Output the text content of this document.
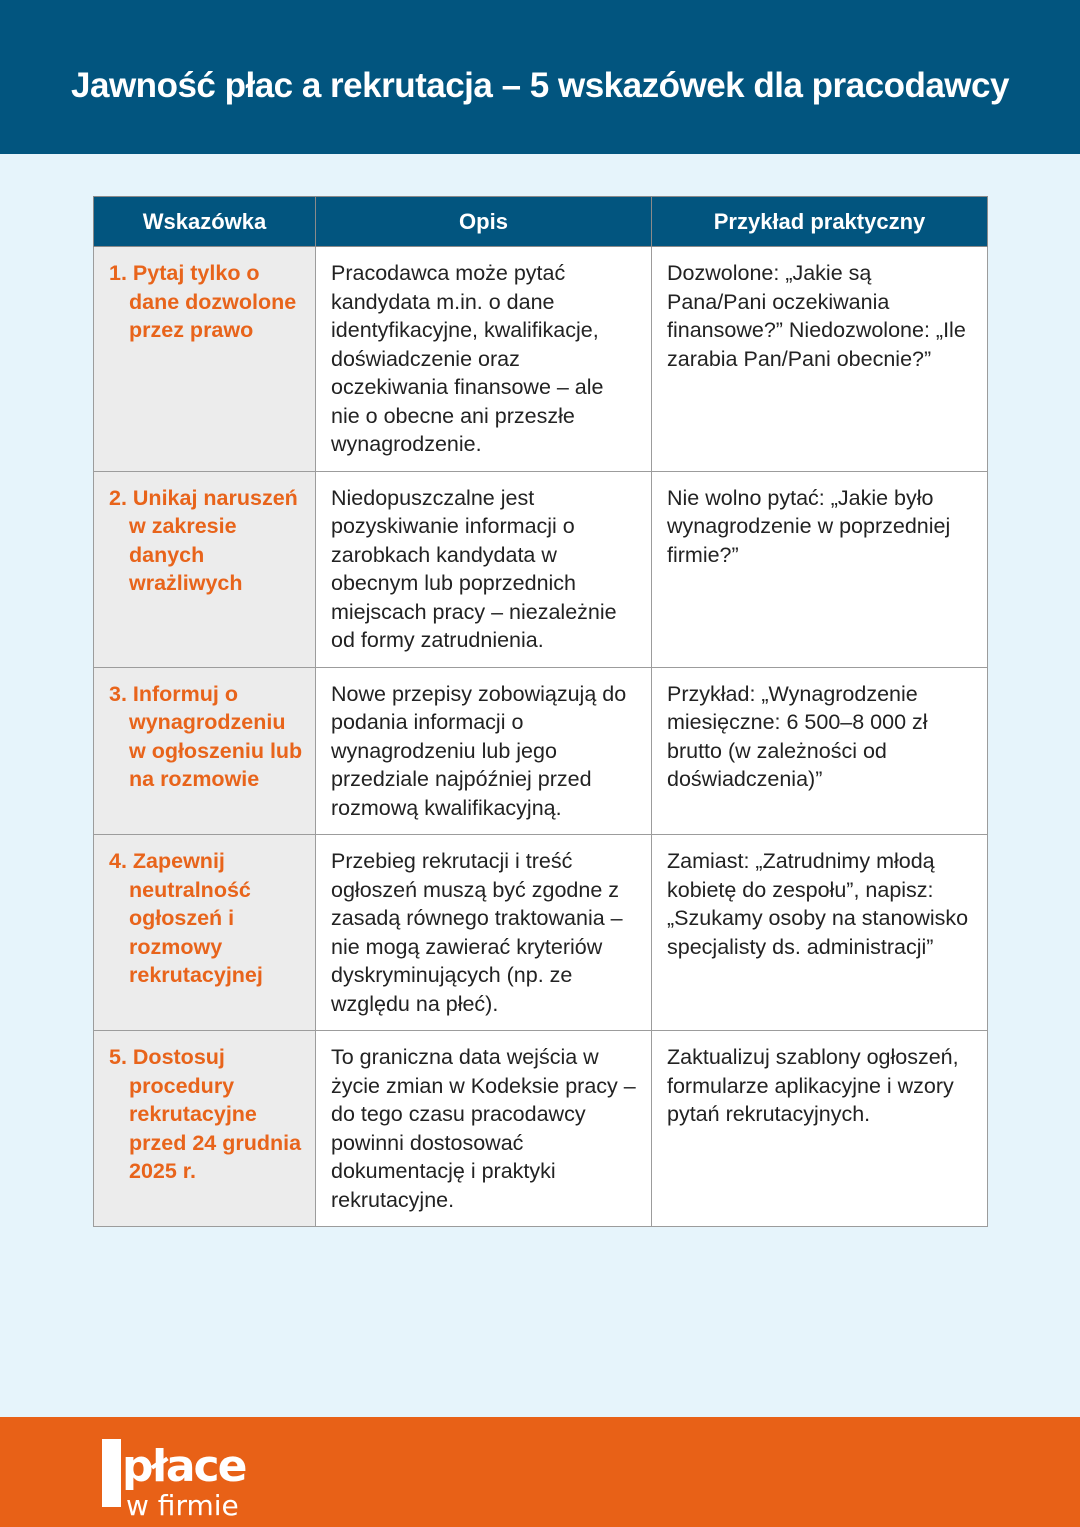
Jawność płac a rekrutacja – 5 wskazówek dla pracodawcy
Wskazówka	Opis	Przykład praktyczny
1. Pytaj tylko o dane dozwolone przez prawo	Pracodawca może pytać kandydata m.in. o dane identyfikacyjne, kwalifikacje, doświadczenie oraz oczekiwania finansowe – ale nie o obecne ani przeszłe wynagrodzenie.	Dozwolone: „Jakie są Pana/Pani oczekiwania finansowe?” Niedozwolone: „Ile zarabia Pan/Pani obecnie?”
2. Unikaj naruszeń w zakresie danych wrażliwych	Niedopuszczalne jest pozyskiwanie informacji o zarobkach kandydata w obecnym lub poprzednich miejscach pracy – niezależnie od formy zatrudnienia.	Nie wolno pytać: „Jakie było wynagrodzenie w poprzedniej firmie?”
3. Informuj o wynagrodzeniu w ogłoszeniu lub na rozmowie	Nowe przepisy zobowiązują do podania informacji o wynagrodzeniu lub jego przedziale najpóźniej przed rozmową kwalifikacyjną.	Przykład: „Wynagrodzenie miesięczne: 6 500–8 000 zł brutto (w zależności od doświadczenia)”
4. Zapewnij neutralność ogłoszeń i rozmowy rekrutacyjnej	Przebieg rekrutacji i treść ogłoszeń muszą być zgodne z zasadą równego traktowania – nie mogą zawierać kryteriów dyskryminujących (np. ze względu na płeć).	Zamiast: „Zatrudnimy młodą kobietę do zespołu”, napisz: „Szukamy osoby na stanowisko specjalisty ds. administracji”
5. Dostosuj procedury rekrutacyjne przed 24 grudnia 2025 r.	To graniczna data wejścia w życie zmian w Kodeksie pracy – do tego czasu pracodawcy powinni dostosować dokumentację i praktyki rekrutacyjne.	Zaktualizuj szablony ogłoszeń, formularze aplikacyjne i wzory pytań rekrutacyjnych.
płace
w firmie
